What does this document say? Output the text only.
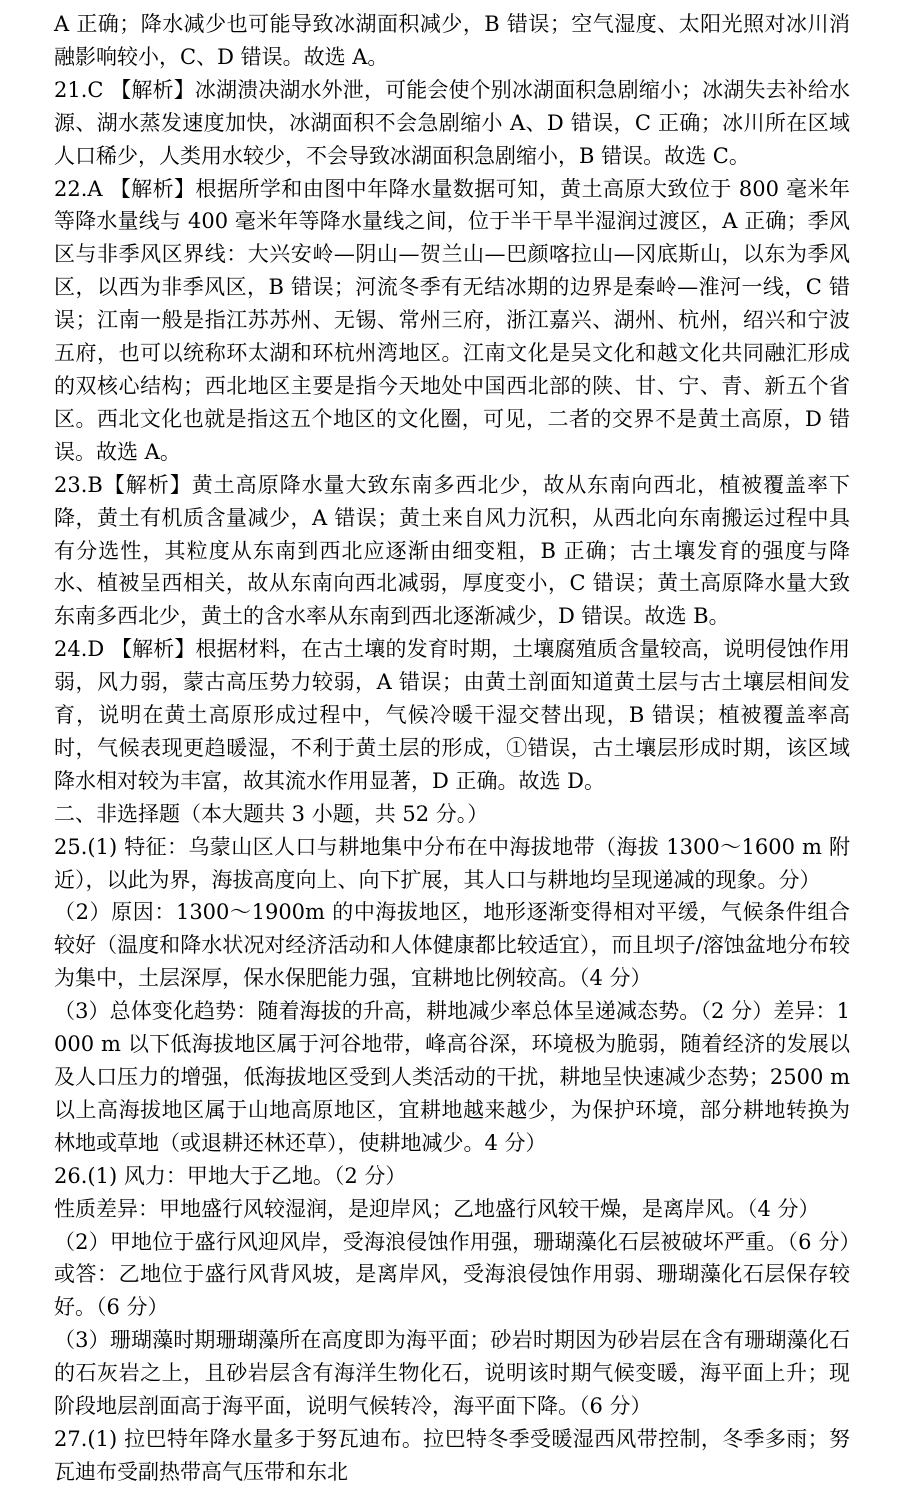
A 正确；降水减少也可能导致冰湖面积减少，B 错误；空气湿度、太阳光照对冰川消融影响较小，C、D 错误。故选 A。

21.C 【解析】冰湖溃决湖水外泄，可能会使个别冰湖面积急剧缩小；冰湖失去补给水源、湖水蒸发速度加快，冰湖面积不会急剧缩小 A、D 错误，C 正确；冰川所在区域人口稀少，人类用水较少，不会导致冰湖面积急剧缩小，B 错误。故选 C。

22.A 【解析】根据所学和由图中年降水量数据可知，黄土高原大致位于 800 毫米年等降水量线与 400 毫米年等降水量线之间，位于半干旱半湿润过渡区，A 正确；季风区与非季风区界线：大兴安岭—阴山—贺兰山—巴颜喀拉山—冈底斯山，以东为季风区，以西为非季风区，B 错误；河流冬季有无结冰期的边界是秦岭—淮河一线，C 错误；江南一般是指江苏苏州、无锡、常州三府，浙江嘉兴、湖州、杭州，绍兴和宁波五府，也可以统称环太湖和环杭州湾地区。江南文化是吴文化和越文化共同融汇形成的双核心结构；西北地区主要是指今天地处中国西北部的陕、甘、宁、青、新五个省区。西北文化也就是指这五个地区的文化圈，可见，二者的交界不是黄土高原，D 错误。故选 A。

23.B【解析】黄土高原降水量大致东南多西北少，故从东南向西北，植被覆盖率下降，黄土有机质含量减少，A 错误；黄土来自风力沉积，从西北向东南搬运过程中具有分选性，其粒度从东南到西北应逐渐由细变粗，B 正确；古土壤发育的强度与降水、植被呈西相关，故从东南向西北减弱，厚度变小，C 错误；黄土高原降水量大致东南多西北少，黄土的含水率从东南到西北逐渐减少，D 错误。故选 B。

24.D 【解析】根据材料，在古土壤的发育时期，土壤腐殖质含量较高，说明侵蚀作用弱，风力弱，蒙古高压势力较弱，A 错误；由黄土剖面知道黄土层与古土壤层相间发育，说明在黄土高原形成过程中，气候冷暖干湿交替出现，B 错误；植被覆盖率高时，气候表现更趋暖湿，不利于黄土层的形成，①错误，古土壤层形成时期，该区域降水相对较为丰富，故其流水作用显著，D 正确。故选 D。

二、非选择题（本大题共 3 小题，共 52 分。）

25.(1) 特征：乌蒙山区人口与耕地集中分布在中海拔地带（海拔 1300～1600 m 附近），以此为界，海拔高度向上、向下扩展，其人口与耕地均呈现递减的现象。分）

（2）原因：1300～1900m 的中海拔地区，地形逐渐变得相对平缓，气候条件组合较好（温度和降水状况对经济活动和人体健康都比较适宜），而且坝子/溶蚀盆地分布较为集中，土层深厚，保水保肥能力强，宜耕地比例较高。（4 分）

（3）总体变化趋势：随着海拔的升高，耕地减少率总体呈递减态势。（2 分）差异：1000 m 以下低海拔地区属于河谷地带，峰高谷深，环境极为脆弱，随着经济的发展以及人口压力的增强，低海拔地区受到人类活动的干扰，耕地呈快速减少态势；2500 m 以上高海拔地区属于山地高原地区，宜耕地越来越少，为保护环境，部分耕地转换为林地或草地（或退耕还林还草），使耕地减少。4 分）

26.(1) 风力：甲地大于乙地。（2 分）

性质差异：甲地盛行风较湿润，是迎岸风；乙地盛行风较干燥，是离岸风。（4 分）

（2）甲地位于盛行风迎风岸，受海浪侵蚀作用强，珊瑚藻化石层被破坏严重。（6 分）或答：乙地位于盛行风背风坡，是离岸风，受海浪侵蚀作用弱、珊瑚藻化石层保存较好。（6 分）

（3）珊瑚藻时期珊瑚藻所在高度即为海平面；砂岩时期因为砂岩层在含有珊瑚藻化石的石灰岩之上，且砂岩层含有海洋生物化石，说明该时期气候变暖，海平面上升；现阶段地层剖面高于海平面，说明气候转冷，海平面下降。（6 分）

27.(1) 拉巴特年降水量多于努瓦迪布。拉巴特冬季受暖湿西风带控制，冬季多雨；努瓦迪布受副热带高气压带和东北
